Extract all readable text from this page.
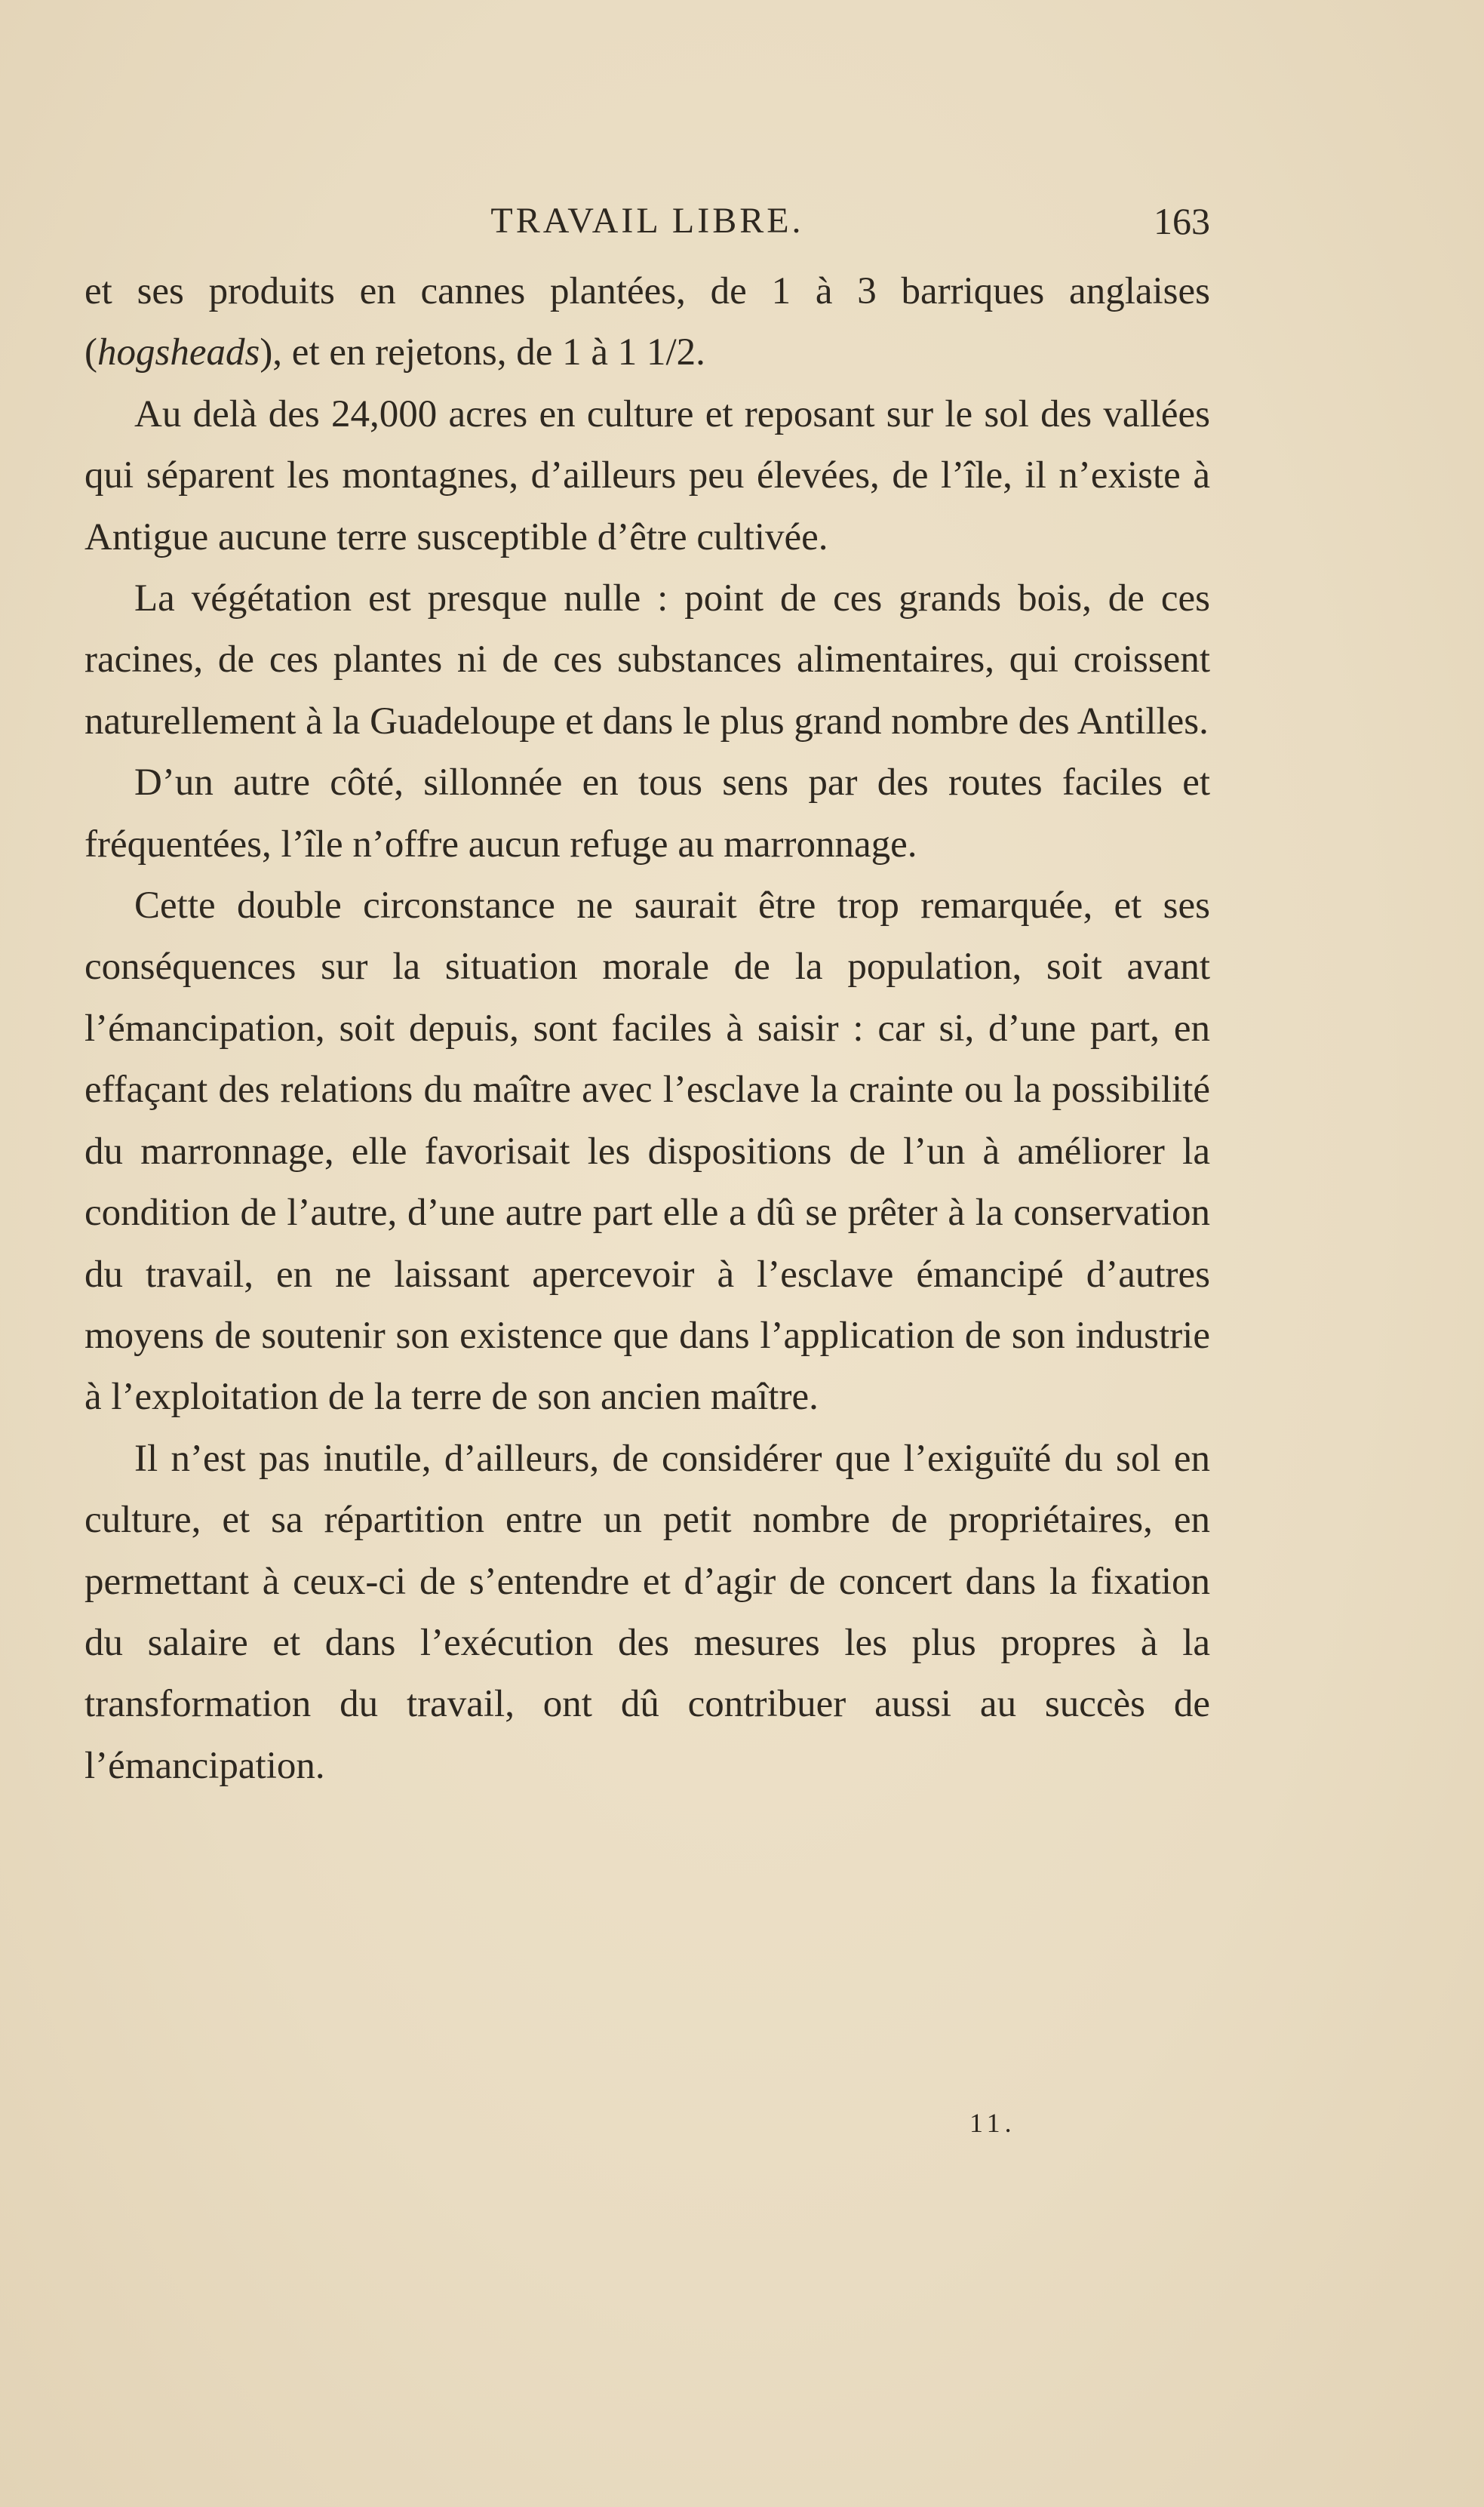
TRAVAIL LIBRE.	163

et ses produits en cannes plantées, de 1 à 3 barriques anglaises (hogsheads), et en rejetons, de 1 à 1 1/2.

Au delà des 24,000 acres en culture et reposant sur le sol des vallées qui séparent les montagnes, d’ailleurs peu élevées, de l’île, il n’existe à Antigue aucune terre susceptible d’être cultivée.

La végétation est presque nulle : point de ces grands bois, de ces racines, de ces plantes ni de ces substances alimentaires, qui croissent naturellement à la Guadeloupe et dans le plus grand nombre des Antilles.

D’un autre côté, sillonnée en tous sens par des routes faciles et fréquentées, l’île n’offre aucun refuge au marronnage.

Cette double circonstance ne saurait être trop remarquée, et ses conséquences sur la situation morale de la population, soit avant l’émancipation, soit depuis, sont faciles à saisir : car si, d’une part, en effaçant des relations du maître avec l’esclave la crainte ou la possibilité du marronnage, elle favorisait les dispositions de l’un à améliorer la condition de l’autre, d’une autre part elle a dû se prêter à la conservation du travail, en ne laissant apercevoir à l’esclave émancipé d’autres moyens de soutenir son existence que dans l’application de son industrie à l’exploitation de la terre de son ancien maître.

Il n’est pas inutile, d’ailleurs, de considérer que l’exiguïté du sol en culture, et sa répartition entre un petit nombre de propriétaires, en permettant à ceux-ci de s’entendre et d’agir de concert dans la fixation du salaire et dans l’exécution des mesures les plus propres à la transformation du travail, ont dû contribuer aussi au succès de l’émancipation.

11.
